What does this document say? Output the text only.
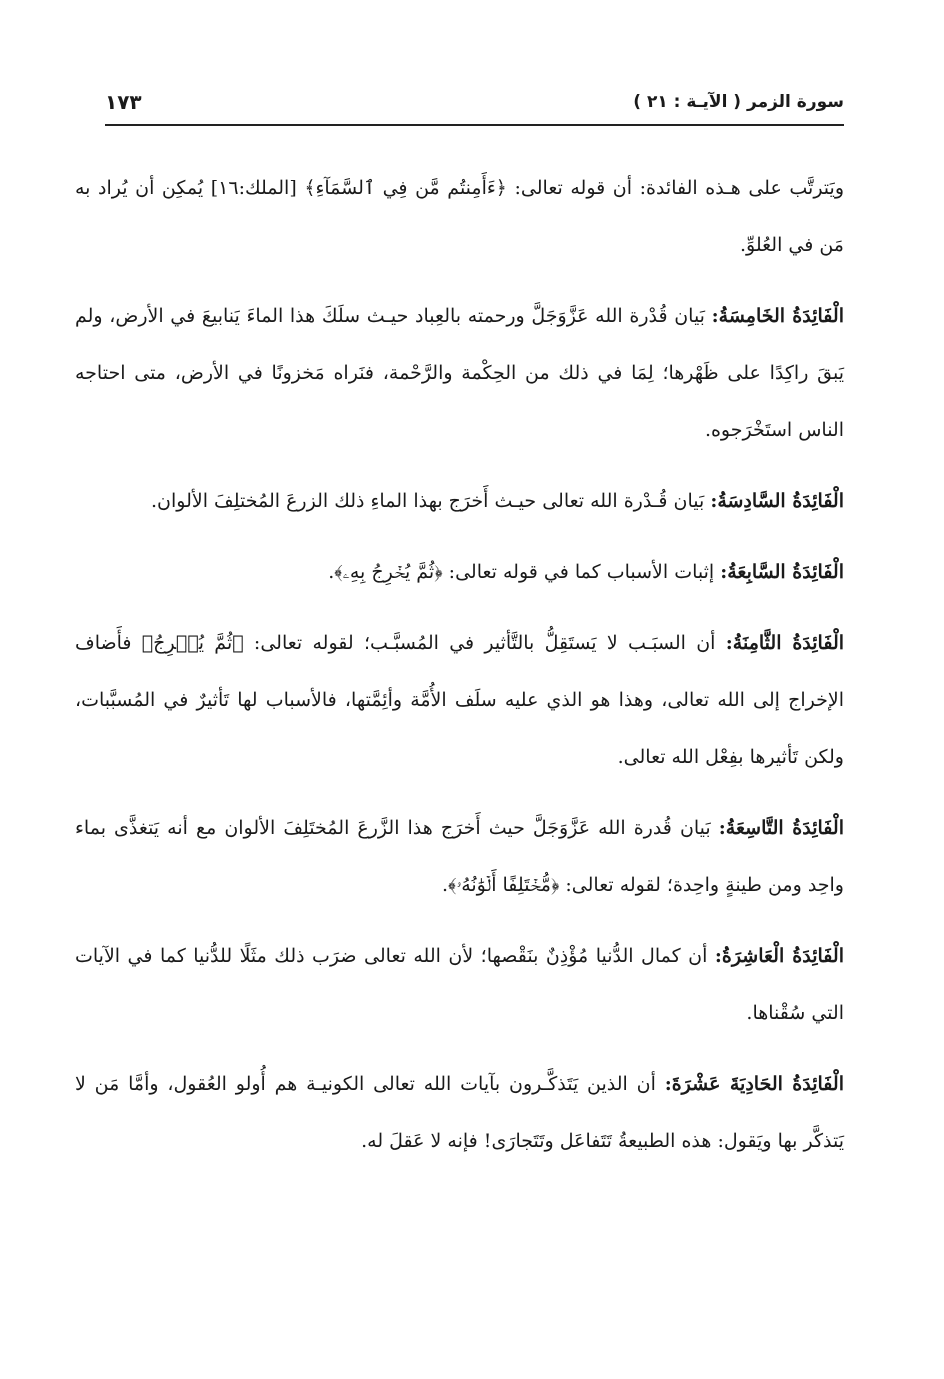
سورة الزمر ( الآيـة : ٢١ )
١٧٣

ويَترتَّب على هـذه الفائدة: أن قوله تعالى: ﴿ءَأَمِنتُم مَّن فِي ٱلسَّمَآءِ﴾ [الملك:١٦] يُمكِن أن يُراد به مَن في العُلوِّ.

الْفَائِدَةُ الخَامِسَةُ: بَيان قُدْرة الله عَزَّوَجَلَّ ورحمته بالعِباد حيـث سلَكَ هذا الماءَ يَنابيعَ في الأرض، ولم يَبقَ راكِدًا على ظَهْرها؛ لِمَا في ذلك من الحِكْمة والرَّحْمة، فنَراه مَخزونًا في الأرض، متى احتاجه الناس استَخْرَجوه.

الْفَائِدَةُ السَّادِسَةُ: بَيان قُـدْرة الله تعالى حيـث أَخرَج بهذا الماءِ ذلك الزرعَ المُختلِفَ الألوان.

الْفَائِدَةُ السَّابِعَةُ: إثبات الأسباب كما في قوله تعالى: ﴿ثُمَّ يُخۡرِجُ بِهِۦ﴾.

الْفَائِدَةُ الثَّامِنَةُ: أن السبَـب لا يَستَقِلُّ بالتَّأثير في المُسبَّـب؛ لقوله تعالى: ﴿ثُمَّ يُخۡرِجُ﴾ فأَضاف الإخراج إلى الله تعالى، وهذا هو الذي عليه سلَف الأُمَّة وأئِمَّتها، فالأسباب لها تَأثيرٌ في المُسبَّبات، ولكن تَأثيرها بفِعْل الله تعالى.

الْفَائِدَةُ التَّاسِعَةُ: بَيان قُدرة الله عَزَّوَجَلَّ حيث أَخرَج هذا الزَّرعَ المُختَلِفَ الألوان مع أنه يَتغذَّى بماء واحِد ومن طينةٍ واحِدة؛ لقوله تعالى: ﴿مُّخۡتَلِفًا أَلۡوَٰنُهُۥ﴾.

الْفَائِدَةُ الْعَاشِرَةُ: أن كمال الدُّنيا مُؤْذِنٌ بنَقْصها؛ لأن الله تعالى ضرَب ذلك مثَلًا للدُّنيا كما في الآيات التي سُقْناها.

الْفَائِدَةُ الحَادِيَةَ عَشْرَةَ: أن الذين يَتَذكَّـرون بآيات الله تعالى الكونيـة هم أُولو العُقول، وأمَّا مَن لا يَتذكَّر بها ويَقول: هذه الطبيعةُ تَتَفاعَل وتَتَجارَى! فإنه لا عَقلَ له.
